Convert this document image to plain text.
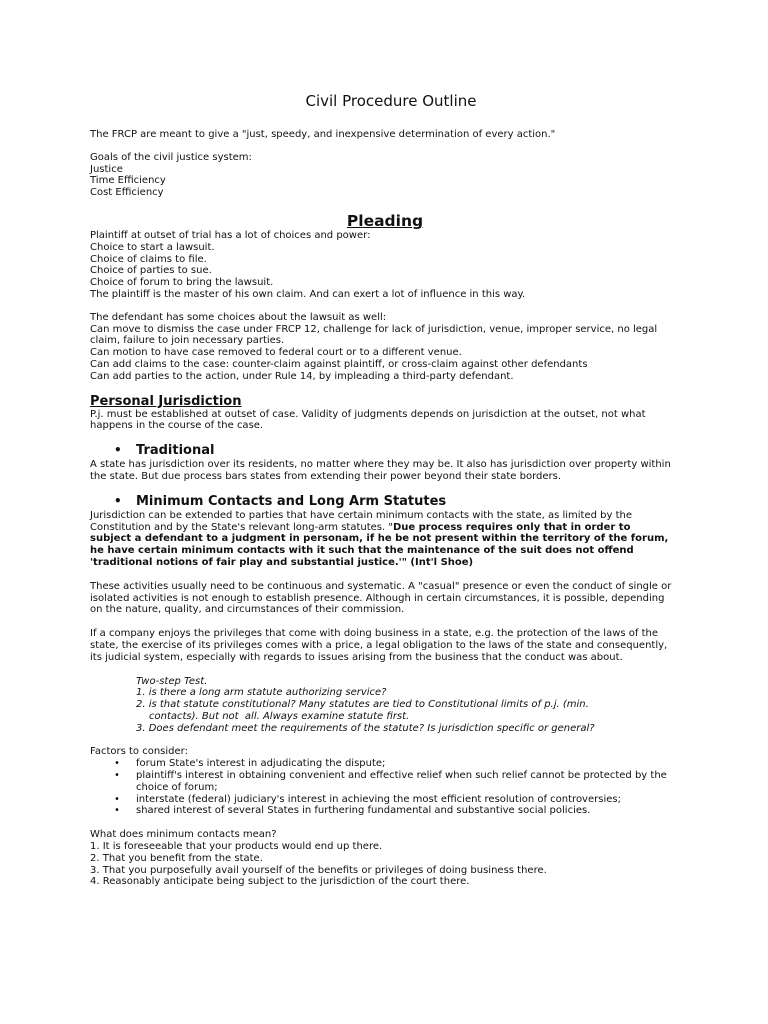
Civil Procedure Outline
The FRCP are meant to give a "just, speedy, and inexpensive determination of every action."
Goals of the civil justice system:
Justice
Time Efficiency
Cost Efficiency
Pleading
Plaintiff at outset of trial has a lot of choices and power:
Choice to start a lawsuit.
Choice of claims to file.
Choice of parties to sue.
Choice of forum to bring the lawsuit.
The plaintiff is the master of his own claim. And can exert a lot of influence in this way.
The defendant has some choices about the lawsuit as well:
Can move to dismiss the case under FRCP 12, challenge for lack of jurisdiction, venue, improper service, no legal
claim, failure to join necessary parties.
Can motion to have case removed to federal court or to a different venue.
Can add claims to the case: counter-claim against plaintiff, or cross-claim against other defendants
Can add parties to the action, under Rule 14, by impleading a third-party defendant.
Personal Jurisdiction
P.j. must be established at outset of case. Validity of judgments depends on jurisdiction at the outset, not what
happens in the course of the case.
• Traditional
A state has jurisdiction over its residents, no matter where they may be. It also has jurisdiction over property within
the state. But due process bars states from extending their power beyond their state borders.
• Minimum Contacts and Long Arm Statutes
Jurisdiction can be extended to parties that have certain minimum contacts with the state, as limited by the
Constitution and by the State's relevant long-arm statutes. "Due process requires only that in order to
subject a defendant to a judgment in personam, if he be not present within the territory of the forum,
he have certain minimum contacts with it such that the maintenance of the suit does not offend
'traditional notions of fair play and substantial justice.'" (Int'l Shoe)
These activities usually need to be continuous and systematic. A "casual" presence or even the conduct of single or
isolated activities is not enough to establish presence. Although in certain circumstances, it is possible, depending
on the nature, quality, and circumstances of their commission.
If a company enjoys the privileges that come with doing business in a state, e.g. the protection of the laws of the
state, the exercise of its privileges comes with a price, a legal obligation to the laws of the state and consequently,
its judicial system, especially with regards to issues arising from the business that the conduct was about.
Two-step Test.
1. is there a long arm statute authorizing service?
2. is that statute constitutional? Many statutes are tied to Constitutional limits of p.j. (min.
contacts). But not  all. Always examine statute first.
3. Does defendant meet the requirements of the statute? Is jurisdiction specific or general?
Factors to consider:
• forum State's interest in adjudicating the dispute;
• plaintiff's interest in obtaining convenient and effective relief when such relief cannot be protected by the
choice of forum;
• interstate (federal) judiciary's interest in achieving the most efficient resolution of controversies;
• shared interest of several States in furthering fundamental and substantive social policies.
What does minimum contacts mean?
1. It is foreseeable that your products would end up there.
2. That you benefit from the state.
3. That you purposefully avail yourself of the benefits or privileges of doing business there.
4. Reasonably anticipate being subject to the jurisdiction of the court there.
